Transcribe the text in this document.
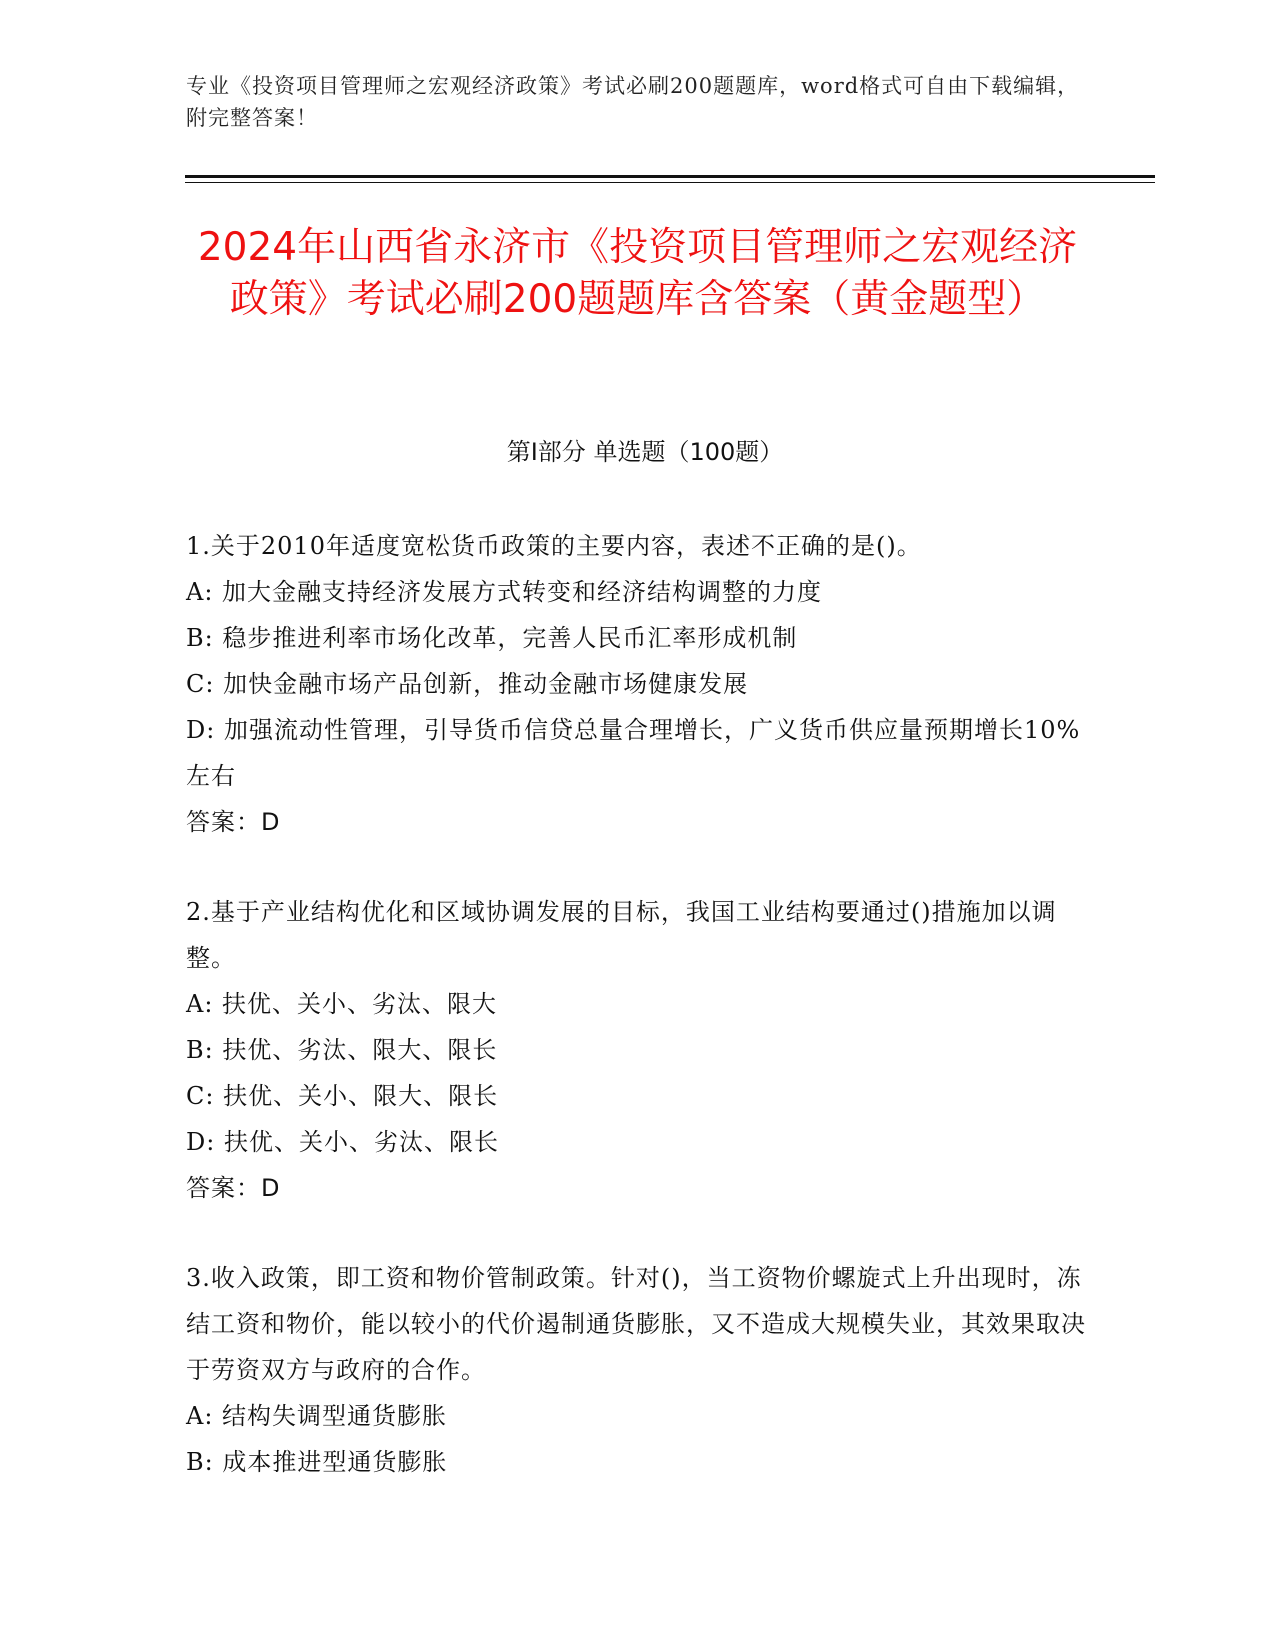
专业《投资项目管理师之宏观经济政策》考试必刷200题题库，word格式可自由下载编辑，附完整答案！
2024年山西省永济市《投资项目管理师之宏观经济政策》考试必刷200题题库含答案（黄金题型）
第Ⅰ部分 单选题（100题）

1.关于2010年适度宽松货币政策的主要内容，表述不正确的是()。

A: 加大金融支持经济发展方式转变和经济结构调整的力度

B: 稳步推进利率市场化改革，完善人民币汇率形成机制

C: 加快金融市场产品创新，推动金融市场健康发展

D: 加强流动性管理，引导货币信贷总量合理增长，广义货币供应量预期增长10%左右

答案：D

2.基于产业结构优化和区域协调发展的目标，我国工业结构要通过()措施加以调整。

A: 扶优、关小、劣汰、限大

B: 扶优、劣汰、限大、限长

C: 扶优、关小、限大、限长

D: 扶优、关小、劣汰、限长

答案：D

3.收入政策，即工资和物价管制政策。针对()，当工资物价螺旋式上升出现时，冻结工资和物价，能以较小的代价遏制通货膨胀，又不造成大规模失业，其效果取决于劳资双方与政府的合作。

A: 结构失调型通货膨胀

B: 成本推进型通货膨胀
